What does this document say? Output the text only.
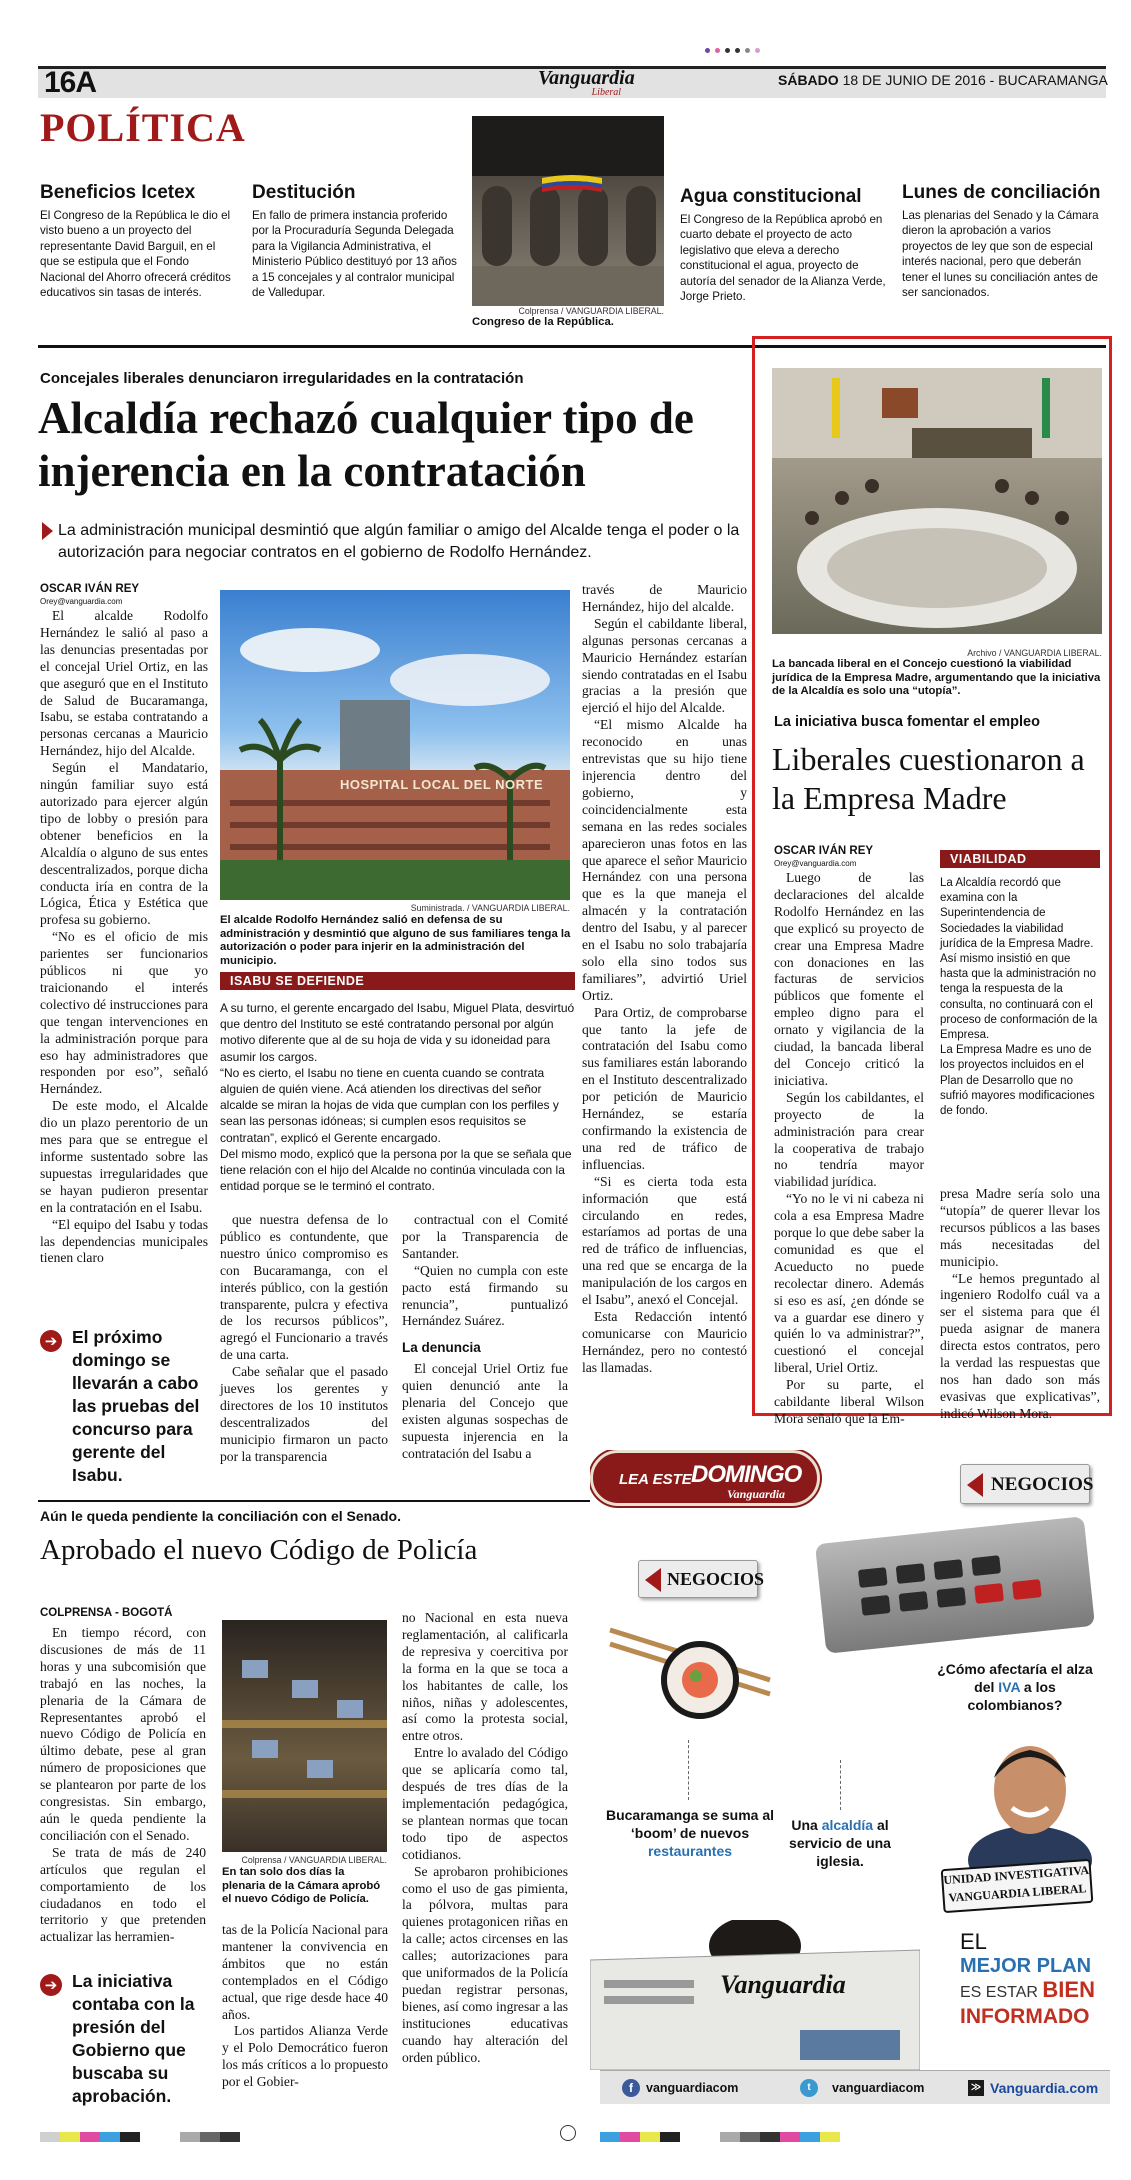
16A	Vanguardia
Liberal
SÁBADO 18 DE JUNIO DE 2016 - BUCARAMANGA
POLÍTICA
Beneficios Icetex
El Congreso de la República le dio el visto bueno a un proyecto del representante David Barguil, en el que se estipula que el Fondo Nacional del Ahorro ofrecerá créditos educativos sin tasas de interés.
Destitución
En fallo de primera instancia proferido por la Procuraduría Segunda Delegada para la Vigilancia Administrativa, el Ministerio Público destituyó por 13 años a 15 concejales y al contralor municipal de Valledupar.
Colprensa / VANGUARDIA LIBERAL.
Congreso de la República.
Agua constitucional
El Congreso de la República aprobó en cuarto debate el proyecto de acto legislativo que eleva a derecho constitucional el agua, proyecto de autoría del senador de la Alianza Verde, Jorge Prieto.
Lunes de conciliación
Las plenarias del Senado y la Cámara dieron la aprobación a varios proyectos de ley que son de especial interés nacional, pero que deberán tener el lunes su conciliación antes de ser sancionados.
Concejales liberales denunciaron irregularidades en la contratación
Alcaldía rechazó cualquier tipo de injerencia en la contratación
La administración municipal desmintió que algún familiar o amigo del Alcalde tenga el poder o la autorización para negociar contratos en el gobierno de Rodolfo Hernández.
OSCAR IVÁN REY
Orey@vanguardia.com

El alcalde Rodolfo Hernández le salió al paso a las denuncias presentadas por el concejal Uriel Ortiz, en las que aseguró que en el Instituto de Salud de Bucaramanga, Isabu, se estaba contratando a personas cercanas a Mauricio Hernández, hijo del Alcalde.

Según el Mandatario, ningún familiar suyo está autorizado para ejercer algún tipo de lobby o presión para obtener beneficios en la Alcaldía o alguno de sus entes descentralizados, porque dicha conducta iría en contra de la Lógica, Ética y Estética que profesa su gobierno.

“No es el oficio de mis parientes ser funcionarios públicos ni que yo traicionando el interés colectivo dé instrucciones para que tengan intervenciones en la administración porque para eso hay administradores que responden por eso”, señaló Hernández.

De este modo, el Alcalde dio un plazo perentorio de un mes para que se entregue el informe sustentado sobre las supuestas irregularidades que se hayan pudieron presentar en la contratación en el Isabu.

“El equipo del Isabu y todas las dependencias municipales tienen claro

➔ El próximo domingo se llevarán a cabo las pruebas del concurso para gerente del Isabu.
HOSPITAL LOCAL DEL NORTE
Suministrada. / VANGUARDIA LIBERAL.
El alcalde Rodolfo Hernández salió en defensa de su administración y desmintió que alguno de sus familiares tenga la autorización o poder para injerir en la administración del municipio.
ISABU SE DEFIENDE

A su turno, el gerente encargado del Isabu, Miguel Plata, desvirtuó que dentro del Instituto se esté contratando personal por algún motivo diferente que al de su hoja de vida y su idoneidad para asumir los cargos.

“No es cierto, el Isabu no tiene en cuenta cuando se contrata alguien de quién viene. Acá atienden los directivas del señor alcalde se miran la hojas de vida que cumplan con los perfiles y sean las personas idóneas; si cumplen esos requisitos se contratan”, explicó el Gerente encargado.

Del mismo modo, explicó que la persona por la que se señala que tiene relación con el hijo del Alcalde no continúa vinculada con la entidad porque se le terminó el contrato.

que nuestra defensa de lo público es contundente, que nuestro único compromiso es con Bucaramanga, con el interés público, con la gestión transparente, pulcra y efectiva de los recursos públicos”, agregó el Funcionario a través de una carta.

Cabe señalar que el pasado jueves los gerentes y directores de los 10 institutos descentralizados del municipio firmaron un pacto por la transparencia

contractual con el Comité por la Transparencia de Santander.

“Quien no cumpla con este pacto está firmando su renuncia”, puntualizó Hernández Suárez.

La denuncia

El concejal Uriel Ortiz fue quien denunció ante la plenaria del Concejo que existen algunas sospechas de supuesta injerencia en la contratación del Isabu a

través de Mauricio Hernández, hijo del alcalde.

Según el cabildante liberal, algunas personas cercanas a Mauricio Hernández estarían siendo contratadas en el Isabu gracias a la presión que ejerció el hijo del Alcalde.

“El mismo Alcalde ha reconocido en unas entrevistas que su hijo tiene injerencia dentro del gobierno, y coincidencialmente esta semana en las redes sociales aparecieron unas fotos en las que aparece el señor Mauricio Hernández con una persona que es la que maneja el almacén y la contratación dentro del Isabu, y al parecer en el Isabu no solo trabajaría solo ella sino todos sus familiares”, advirtió Uriel Ortiz.

Para Ortiz, de comprobarse que tanto la jefe de contratación del Isabu como sus familiares están laborando en el Instituto descentralizado por petición de Mauricio Hernández, se estaría confirmando la existencia de una red de tráfico de influencias.

“Si es cierta toda esta información que está circulando en redes, estaríamos ad portas de una red de tráfico de influencias, una red que se encarga de la manipulación de los cargos en el Isabu”, anexó el Concejal.

Esta Redacción intentó comunicarse con Mauricio Hernández, pero no contestó las llamadas.

Archivo / VANGUARDIA LIBERAL.
La bancada liberal en el Concejo cuestionó la viabilidad jurídica de la Empresa Madre, argumentando que la iniciativa de la Alcaldía es solo una “utopía”.
La iniciativa busca fomentar el empleo
Liberales cuestionaron a la Empresa Madre
OSCAR IVÁN REY
Orey@vanguardia.com

Luego de las declaraciones del alcalde Rodolfo Hernández en las que explicó su proyecto de crear una Empresa Madre con donaciones en las facturas de servicios públicos que fomente el empleo digno para el ornato y vigilancia de la ciudad, la bancada liberal del Concejo criticó la iniciativa.

Según los cabildantes, el proyecto de la administración para crear la cooperativa de trabajo no tendría mayor viabilidad jurídica.

“Yo no le vi ni cabeza ni cola a esa Empresa Madre porque lo que debe saber la comunidad es que el Acueducto no puede recolectar dinero. Además si eso es así, ¿en dónde se va a guardar ese dinero y quién lo va administrar?”, cuestionó el concejal liberal, Uriel Ortiz.

Por su parte, el cabildante liberal Wilson Mora señaló que la Em-

VIABILIDAD

La Alcaldía recordó que examina con la Superintendencia de Sociedades la viabilidad jurídica de la Empresa Madre.

Así mismo insistió en que hasta que la administración no tenga la respuesta de la consulta, no continuará con el proceso de conformación de la Empresa.

La Empresa Madre es uno de los proyectos incluidos en el Plan de Desarrollo que no sufrió mayores modificaciones de fondo.

presa Madre sería solo una “utopía” de querer llevar los recursos públicos a las bases más necesitadas del municipio.

“Le hemos preguntado al ingeniero Rodolfo cuál va a ser el sistema para que él pueda asignar de manera directa estos contratos, pero la verdad las respuestas que nos han dado son más evasivas que explicativas”, indicó Wilson Mora.

Aún le queda pendiente la conciliación con el Senado.
Aprobado el nuevo Código de Policía
COLPRENSA - BOGOTÁ

En tiempo récord, con discusiones de más de 11 horas y una subcomisión que trabajó en las noches, la plenaria de la Cámara de Representantes aprobó el nuevo Código de Policía en último debate, pese al gran número de proposiciones que se plantearon por parte de los congresistas. Sin embargo, aún le queda pendiente la conciliación con el Senado.

Se trata de más de 240 artículos que regulan el comportamiento de los ciudadanos en todo el territorio y que pretenden actualizar las herramien-

➔ La iniciativa contaba con la presión del Gobierno que buscaba su aprobación.
Colprensa / VANGUARDIA LIBERAL.
En tan solo dos días la plenaria de la Cámara aprobó el nuevo Código de Policía.

tas de la Policía Nacional para mantener la convivencia en ámbitos que no están contemplados en el Código actual, que rige desde hace 40 años.

Los partidos Alianza Verde y el Polo Democrático fueron los más críticos a lo propuesto por el Gobier-

no Nacional en esta nueva reglamentación, al calificarla de represiva y coercitiva por la forma en la que se toca a los habitantes de calle, los niños, niñas y adolescentes, así como la protesta social, entre otros.

Entre lo avalado del Código que se aplicaría como tal, después de tres días de la implementación pedagógica, se plantean normas que tocan todo tipo de aspectos cotidianos.

Se aprobaron prohibiciones como el uso de gas pimienta, la pólvora, multas para quienes protagonicen riñas en la calle; actos circenses en las calles; autorizaciones para que uniformados de la Policía puedan registrar personas, bienes, así como ingresar a las instituciones educativas cuando hay alteración del orden público.

LEA ESTE DOMINGO
Vanguardia	NEGOCIOS
¿Cómo afectaría el alza del IVA a los colombianos?
NEGOCIOS
Bucaramanga se suma al ‘boom’ de nuevos restaurantes
Una alcaldía al servicio de una iglesia.
UNIDAD INVESTIGATIVA
VANGUARDIA LIBERAL
Vanguardia
EL
MEJOR PLAN
ES ESTAR BIEN
INFORMADO
f	vanguardiacom	t	vanguardiacom	≫ Vanguardia.com
